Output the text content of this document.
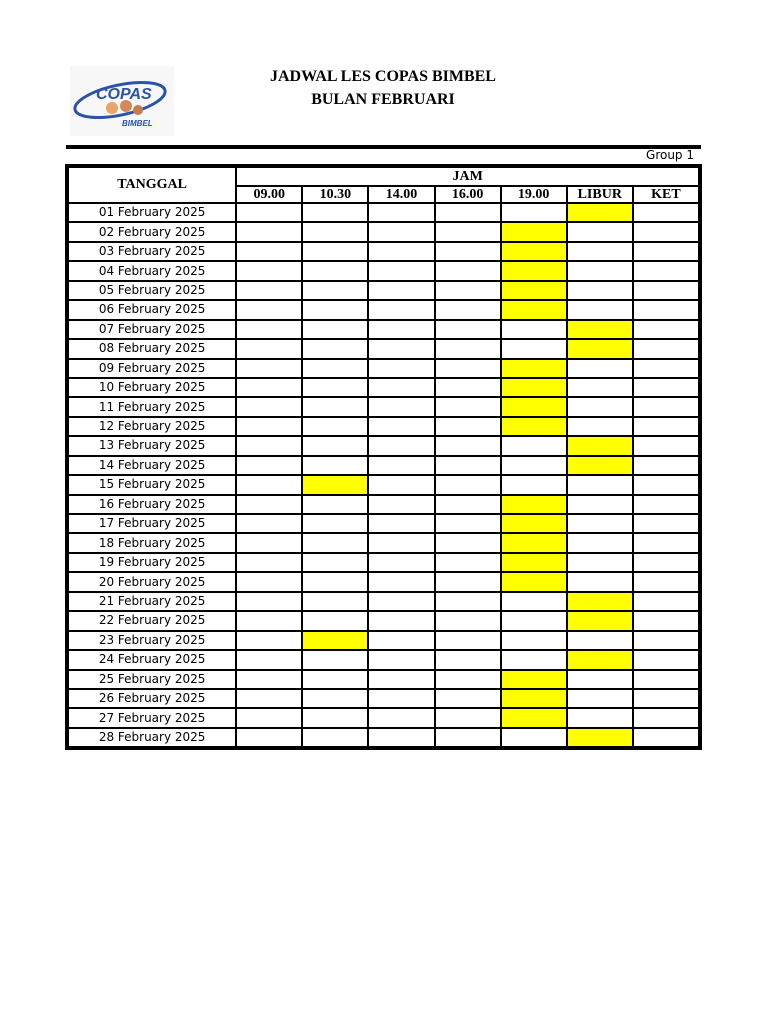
COPAS
BIMBEL
JADWAL LES COPAS BIMBEL
BULAN FEBRUARI
Group 1
TANGGAL	JAM						
	09.00	10.30	14.00	16.00	19.00	LIBUR	KET
01 February 2025							
02 February 2025							
03 February 2025							
04 February 2025							
05 February 2025							
06 February 2025							
07 February 2025							
08 February 2025							
09 February 2025							
10 February 2025							
11 February 2025							
12 February 2025							
13 February 2025							
14 February 2025							
15 February 2025							
16 February 2025							
17 February 2025							
18 February 2025							
19 February 2025							
20 February 2025							
21 February 2025							
22 February 2025							
23 February 2025							
24 February 2025							
25 February 2025							
26 February 2025							
27 February 2025							
28 February 2025							
